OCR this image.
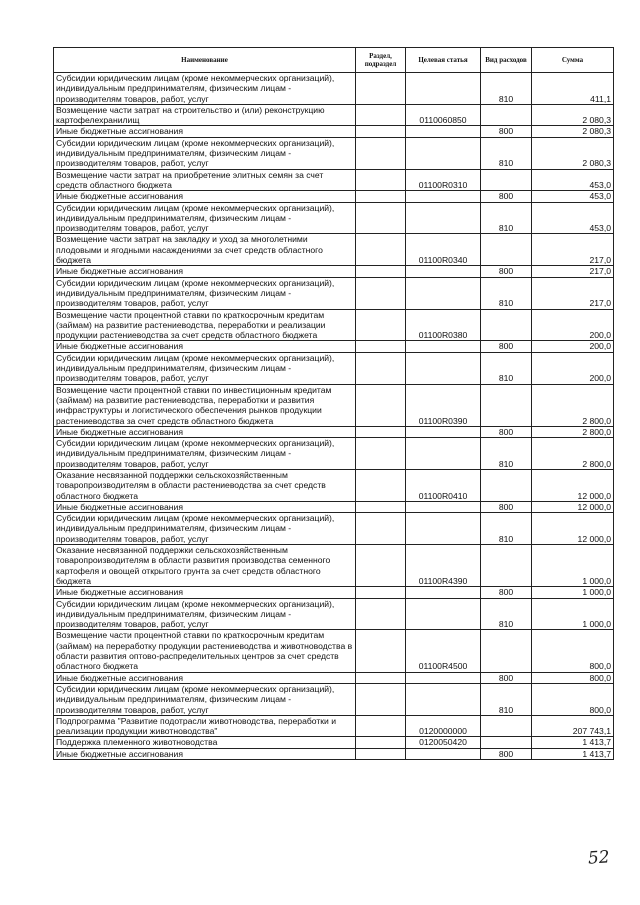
Наименование	Раздел, подраздел	Целевая статья	Вид расходов	Сумма
Субсидии юридическим лицам (кроме некоммерческих организаций), индивидуальным предпринимателям, физическим лицам - производителям товаров, работ, услуг			810	411,1
Возмещение части затрат на строительство и (или) реконструкцию картофелехранилищ		0110060850		2 080,3
Иные бюджетные ассигнования			800	2 080,3
Субсидии юридическим лицам (кроме некоммерческих организаций), индивидуальным предпринимателям, физическим лицам - производителям товаров, работ, услуг			810	2 080,3
Возмещение части затрат на приобретение элитных семян за счет средств областного бюджета		01100R0310		453,0
Иные бюджетные ассигнования			800	453,0
Субсидии юридическим лицам (кроме некоммерческих организаций), индивидуальным предпринимателям, физическим лицам - производителям товаров, работ, услуг			810	453,0
Возмещение части затрат на закладку и уход за многолетними плодовыми и ягодными насаждениями за счет средств областного бюджета		01100R0340		217,0
Иные бюджетные ассигнования			800	217,0
Субсидии юридическим лицам (кроме некоммерческих организаций), индивидуальным предпринимателям, физическим лицам - производителям товаров, работ, услуг			810	217,0
Возмещение части процентной ставки по краткосрочным кредитам (займам) на развитие растениеводства, переработки и реализации продукции растениеводства за счет средств областного бюджета		01100R0380		200,0
Иные бюджетные ассигнования			800	200,0
Субсидии юридическим лицам (кроме некоммерческих организаций), индивидуальным предпринимателям, физическим лицам - производителям товаров, работ, услуг			810	200,0
Возмещение части процентной ставки по инвестиционным кредитам (займам) на развитие растениеводства, переработки и развития инфраструктуры и логистического обеспечения рынков продукции растениеводства за счет средств областного бюджета		01100R0390		2 800,0
Иные бюджетные ассигнования			800	2 800,0
Субсидии юридическим лицам (кроме некоммерческих организаций), индивидуальным предпринимателям, физическим лицам - производителям товаров, работ, услуг			810	2 800,0
Оказание несвязанной поддержки сельскохозяйственным товаропроизводителям в области растениеводства за счет средств областного бюджета		01100R0410		12 000,0
Иные бюджетные ассигнования			800	12 000,0
Субсидии юридическим лицам (кроме некоммерческих организаций), индивидуальным предпринимателям, физическим лицам - производителям товаров, работ, услуг			810	12 000,0
Оказание несвязанной поддержки сельскохозяйственным товаропроизводителям в области развития производства семенного картофеля и овощей открытого грунта за счет средств областного бюджета		01100R4390		1 000,0
Иные бюджетные ассигнования			800	1 000,0
Субсидии юридическим лицам (кроме некоммерческих организаций), индивидуальным предпринимателям, физическим лицам - производителям товаров, работ, услуг			810	1 000,0
Возмещение части процентной ставки по краткосрочным кредитам (займам) на переработку продукции растениеводства и животноводства в области развития оптово-распределительных центров за счет средств областного бюджета		01100R4500		800,0
Иные бюджетные ассигнования			800	800,0
Субсидии юридическим лицам (кроме некоммерческих организаций), индивидуальным предпринимателям, физическим лицам - производителям товаров, работ, услуг			810	800,0
Подпрограмма "Развитие подотрасли животноводства, переработки и реализации продукции животноводства"		0120000000		207 743,1
Поддержка племенного животноводства		0120050420		1 413,7
Иные бюджетные ассигнования			800	1 413,7
52
